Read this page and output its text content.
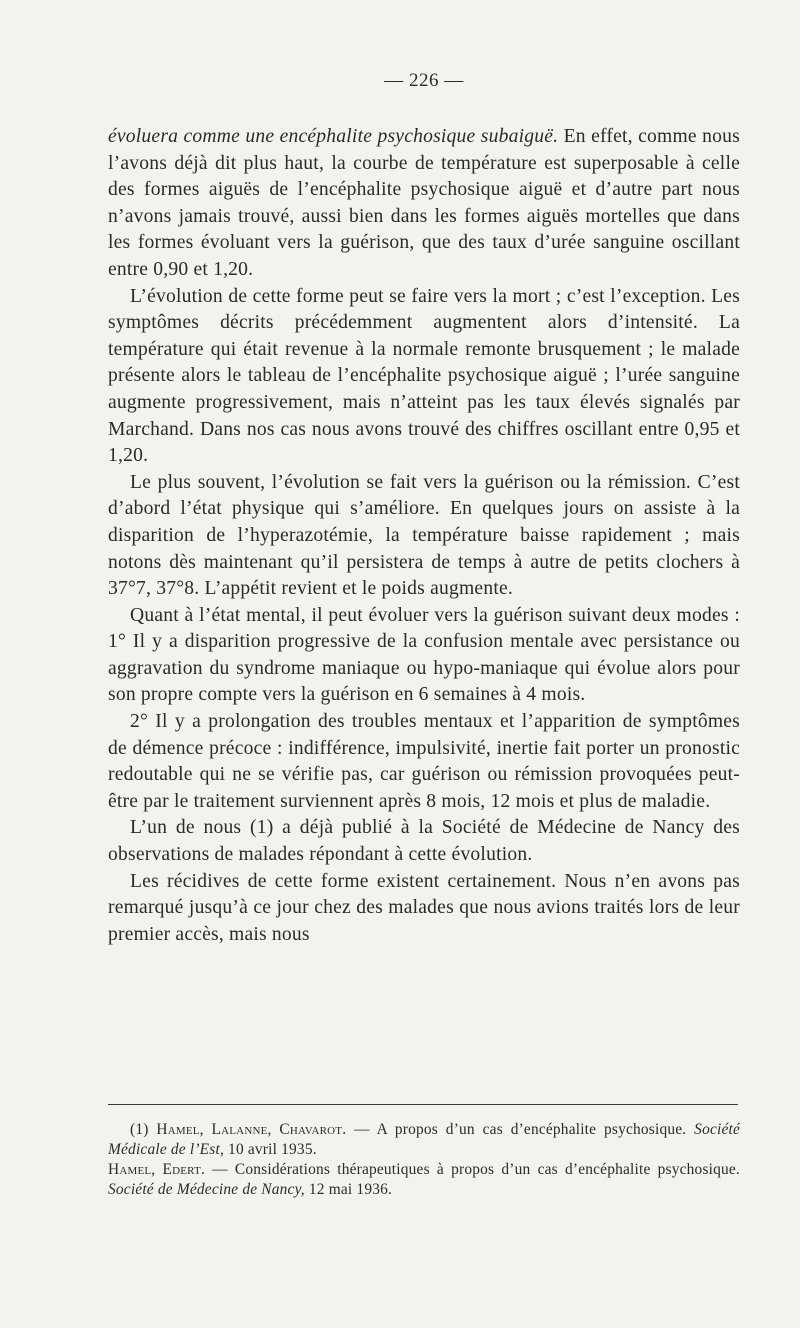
— 226 —

évoluera comme une encéphalite psychosique subaiguë. En effet, comme nous l’avons déjà dit plus haut, la courbe de température est superposable à celle des formes aiguës de l’encéphalite psychosique aiguë et d’autre part nous n’avons jamais trouvé, aussi bien dans les formes aiguës mortelles que dans les formes évoluant vers la guérison, que des taux d’urée sanguine oscillant entre 0,90 et 1,20.

L’évolution de cette forme peut se faire vers la mort ; c’est l’exception. Les symptômes décrits précédemment augmentent alors d’intensité. La température qui était revenue à la normale remonte brusquement ; le malade présente alors le tableau de l’encéphalite psychosique aiguë ; l’urée sanguine augmente progressivement, mais n’atteint pas les taux élevés signalés par Marchand. Dans nos cas nous avons trouvé des chiffres oscillant entre 0,95 et 1,20.

Le plus souvent, l’évolution se fait vers la guérison ou la rémission. C’est d’abord l’état physique qui s’améliore. En quelques jours on assiste à la disparition de l’hyperazotémie, la température baisse rapidement ; mais notons dès maintenant qu’il persistera de temps à autre de petits clochers à 37°7, 37°8. L’appétit revient et le poids augmente.

Quant à l’état mental, il peut évoluer vers la guérison suivant deux modes : 1° Il y a disparition progressive de la confusion mentale avec persistance ou aggravation du syndrome maniaque ou hypo-maniaque qui évolue alors pour son propre compte vers la guérison en 6 semaines à 4 mois.

2° Il y a prolongation des troubles mentaux et l’apparition de symptômes de démence précoce : indifférence, impulsivité, inertie fait porter un pronostic redoutable qui ne se vérifie pas, car guérison ou rémission provoquées peut-être par le traitement surviennent après 8 mois, 12 mois et plus de maladie.

L’un de nous (1) a déjà publié à la Société de Médecine de Nancy des observations de malades répondant à cette évolution.

Les récidives de cette forme existent certainement. Nous n’en avons pas remarqué jusqu’à ce jour chez des malades que nous avions traités lors de leur premier accès, mais nous

(1) Hamel, Lalanne, Chavarot. — A propos d’un cas d’encéphalite psychosique. Société Médicale de l’Est, 10 avril 1935.

Hamel, Edert. — Considérations thérapeutiques à propos d’un cas d’encéphalite psychosique. Société de Médecine de Nancy, 12 mai 1936.
